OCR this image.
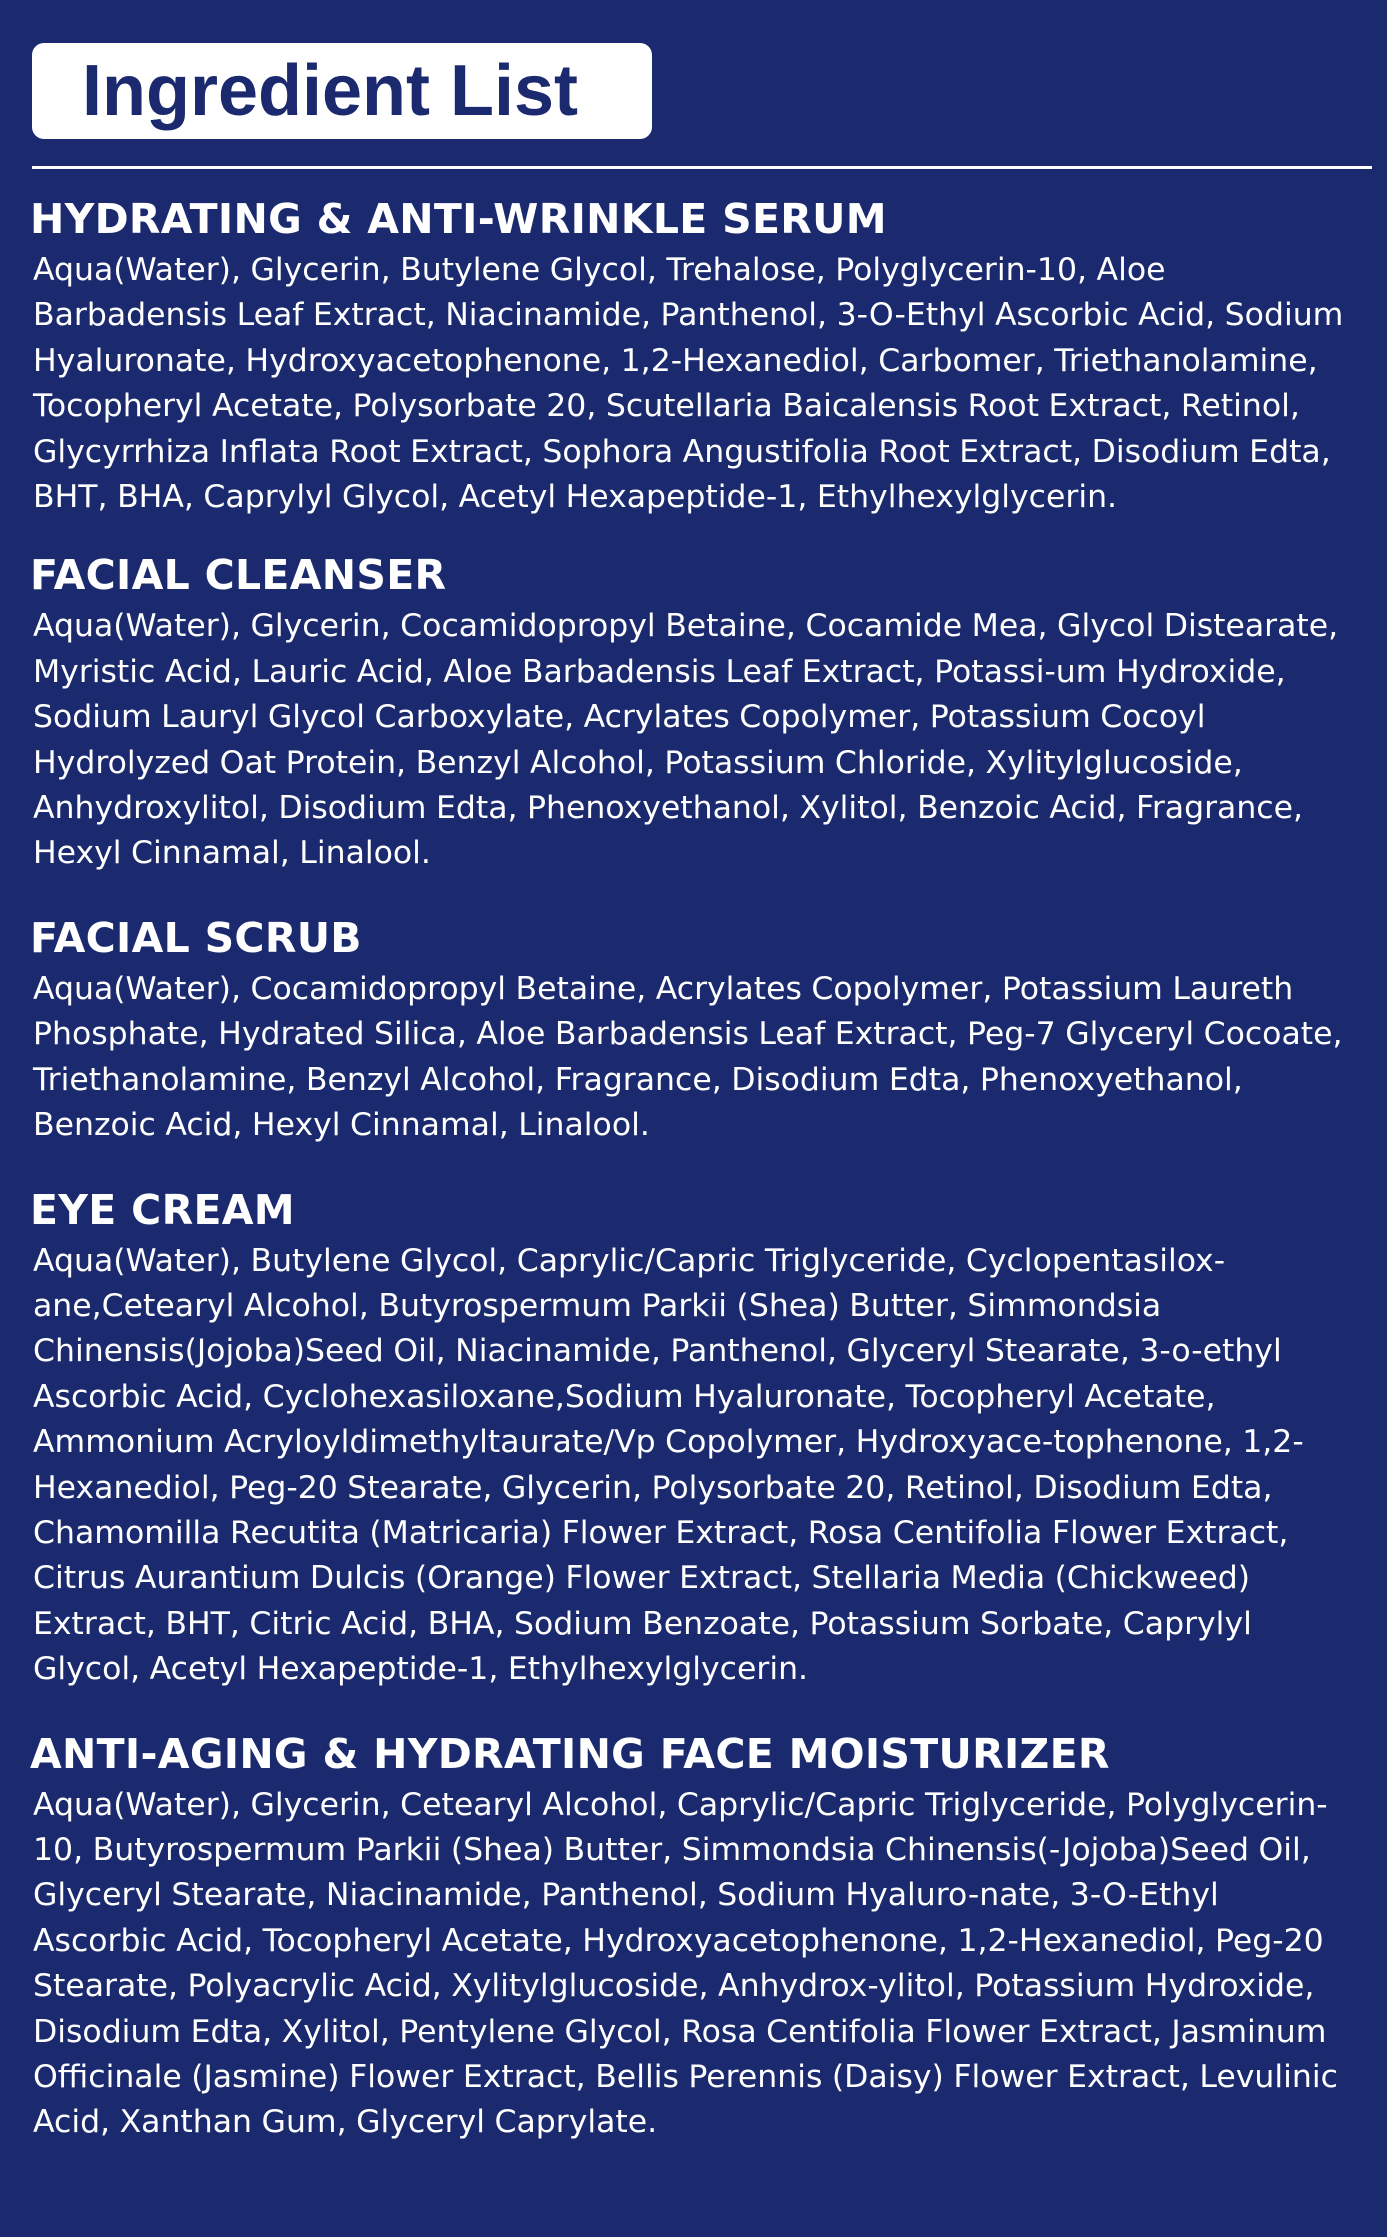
Ingredient List
HYDRATING & ANTI-WRINKLE SERUM
Aqua(Water), Glycerin, Butylene Glycol, Trehalose, Polyglycerin-10, Aloe Barbadensis Leaf Extract, Niacinamide, Panthenol, 3-O-Ethyl Ascorbic Acid, Sodium Hyaluronate, Hydroxyacetophenone, 1,2-Hexanediol, Carbomer, Triethanolamine, Tocopheryl Acetate, Polysorbate 20, Scutellaria Baicalensis Root Extract, Retinol, Glycyrrhiza Inflata Root Extract, Sophora Angustifolia Root Extract, Disodium Edta, BHT, BHA, Caprylyl Glycol, Acetyl Hexapeptide-1, Ethylhexylglycerin.
FACIAL CLEANSER
Aqua(Water), Glycerin, Cocamidopropyl Betaine, Cocamide Mea, Glycol Distearate, Myristic Acid, Lauric Acid, Aloe Barbadensis Leaf Extract, Potassi-um Hydroxide, Sodium Lauryl Glycol Carboxylate, Acrylates Copolymer, Potassium Cocoyl Hydrolyzed Oat Protein, Benzyl Alcohol, Potassium Chloride, Xylitylglucoside, Anhydroxylitol, Disodium Edta, Phenoxyethanol, Xylitol, Benzoic Acid, Fragrance, Hexyl Cinnamal, Linalool.
FACIAL SCRUB
Aqua(Water), Cocamidopropyl Betaine, Acrylates Copolymer, Potassium Laureth Phosphate, Hydrated Silica, Aloe Barbadensis Leaf Extract, Peg-7 Glyceryl Cocoate, Triethanolamine, Benzyl Alcohol, Fragrance, Disodium Edta, Phenoxyethanol, Benzoic Acid, Hexyl Cinnamal, Linalool.
EYE CREAM
Aqua(Water), Butylene Glycol, Caprylic/Capric Triglyceride, Cyclopentasilox-ane,Cetearyl Alcohol, Butyrospermum Parkii (Shea) Butter, Simmondsia Chinensis(Jojoba)Seed Oil, Niacinamide, Panthenol, Glyceryl Stearate, 3-o-ethyl Ascorbic Acid, Cyclohexasiloxane,Sodium Hyaluronate, Tocopheryl Acetate, Ammonium Acryloyldimethyltaurate/Vp Copolymer, Hydroxyace-tophenone, 1,2-Hexanediol, Peg-20 Stearate, Glycerin, Polysorbate 20, Retinol, Disodium Edta, Chamomilla Recutita (Matricaria) Flower Extract, Rosa Centifolia Flower Extract, Citrus Aurantium Dulcis (Orange) Flower Extract, Stellaria Media (Chickweed) Extract, BHT, Citric Acid, BHA, Sodium Benzoate, Potassium Sorbate, Caprylyl Glycol, Acetyl Hexapeptide-1, Ethylhexylglycerin.
ANTI-AGING & HYDRATING FACE MOISTURIZER
Aqua(Water), Glycerin, Cetearyl Alcohol, Caprylic/Capric Triglyceride, Polyglycerin-10, Butyrospermum Parkii (Shea) Butter, Simmondsia Chinensis(-Jojoba)Seed Oil, Glyceryl Stearate, Niacinamide, Panthenol, Sodium Hyaluro-nate, 3-O-Ethyl Ascorbic Acid, Tocopheryl Acetate, Hydroxyacetophenone, 1,2-Hexanediol, Peg-20 Stearate, Polyacrylic Acid, Xylitylglucoside, Anhydrox-ylitol, Potassium Hydroxide, Disodium Edta, Xylitol, Pentylene Glycol, Rosa Centifolia Flower Extract, Jasminum Officinale (Jasmine) Flower Extract, Bellis Perennis (Daisy) Flower Extract, Levulinic Acid, Xanthan Gum, Glyceryl Caprylate.
